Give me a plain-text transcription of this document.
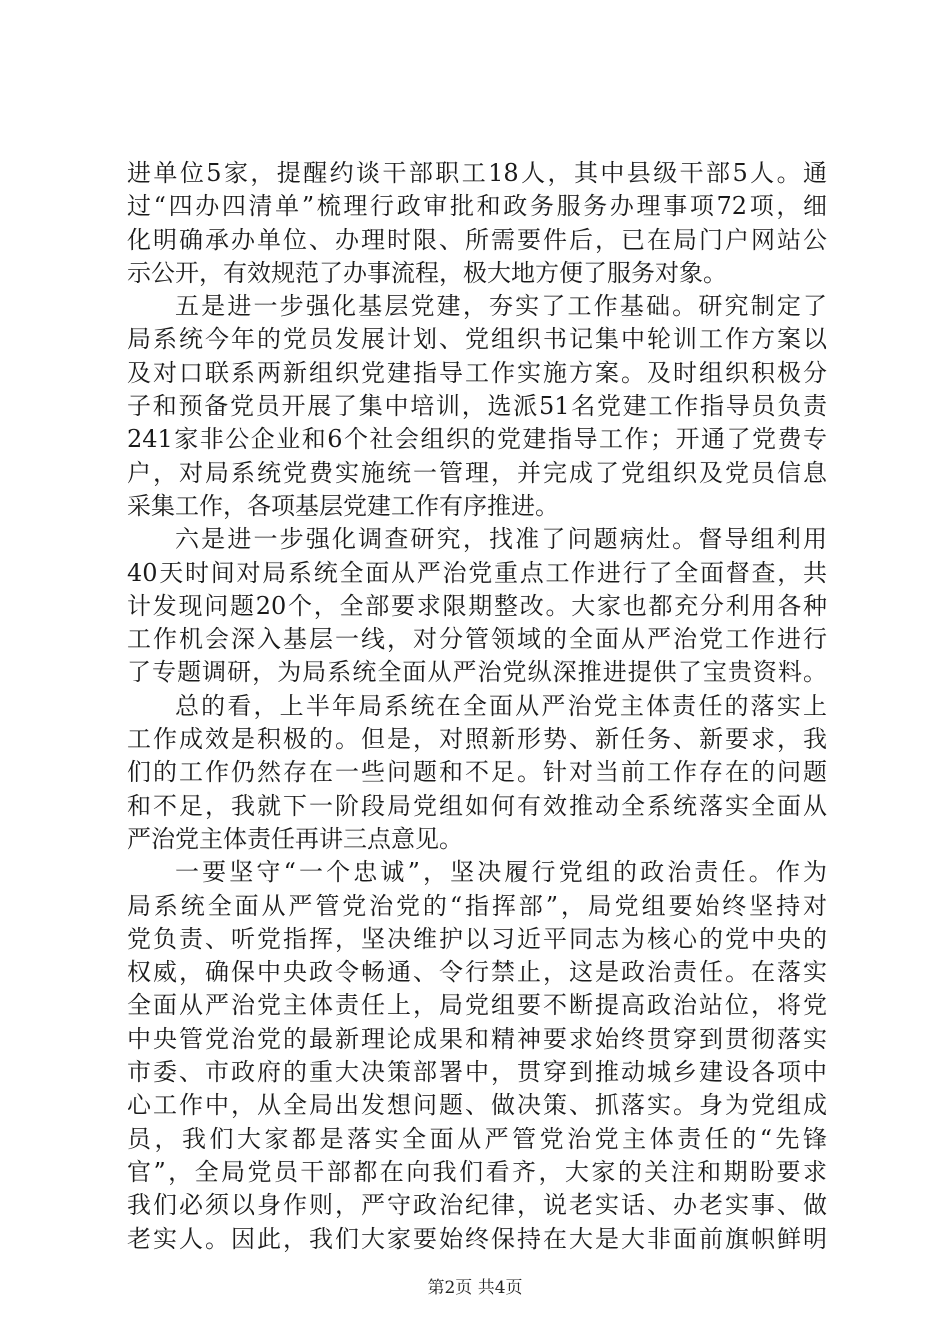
进单位5家，提醒约谈干部职工18人，其中县级干部5人。通
过“四办四清单”梳理行政审批和政务服务办理事项72项，细
化明确承办单位、办理时限、所需要件后，已在局门户网站公
示公开，有效规范了办事流程，极大地方便了服务对象。
五是进一步强化基层党建，夯实了工作基础。研究制定了
局系统今年的党员发展计划、党组织书记集中轮训工作方案以
及对口联系两新组织党建指导工作实施方案。及时组织积极分
子和预备党员开展了集中培训，选派51名党建工作指导员负责
241家非公企业和6个社会组织的党建指导工作；开通了党费专
户，对局系统党费实施统一管理，并完成了党组织及党员信息
采集工作，各项基层党建工作有序推进。
六是进一步强化调查研究，找准了问题病灶。督导组利用
40天时间对局系统全面从严治党重点工作进行了全面督查，共
计发现问题20个，全部要求限期整改。大家也都充分利用各种
工作机会深入基层一线，对分管领域的全面从严治党工作进行
了专题调研，为局系统全面从严治党纵深推进提供了宝贵资料。
总的看，上半年局系统在全面从严治党主体责任的落实上
工作成效是积极的。但是，对照新形势、新任务、新要求，我
们的工作仍然存在一些问题和不足。针对当前工作存在的问题
和不足，我就下一阶段局党组如何有效推动全系统落实全面从
严治党主体责任再讲三点意见。
一要坚守“一个忠诚”，坚决履行党组的政治责任。作为
局系统全面从严管党治党的“指挥部”，局党组要始终坚持对
党负责、听党指挥，坚决维护以习近平同志为核心的党中央的
权威，确保中央政令畅通、令行禁止，这是政治责任。在落实
全面从严治党主体责任上，局党组要不断提高政治站位，将党
中央管党治党的最新理论成果和精神要求始终贯穿到贯彻落实
市委、市政府的重大决策部署中，贯穿到推动城乡建设各项中
心工作中，从全局出发想问题、做决策、抓落实。身为党组成
员，我们大家都是落实全面从严管党治党主体责任的“先锋
官”，全局党员干部都在向我们看齐，大家的关注和期盼要求
我们必须以身作则，严守政治纪律，说老实话、办老实事、做
老实人。因此，我们大家要始终保持在大是大非面前旗帜鲜明
第2页 共4页
